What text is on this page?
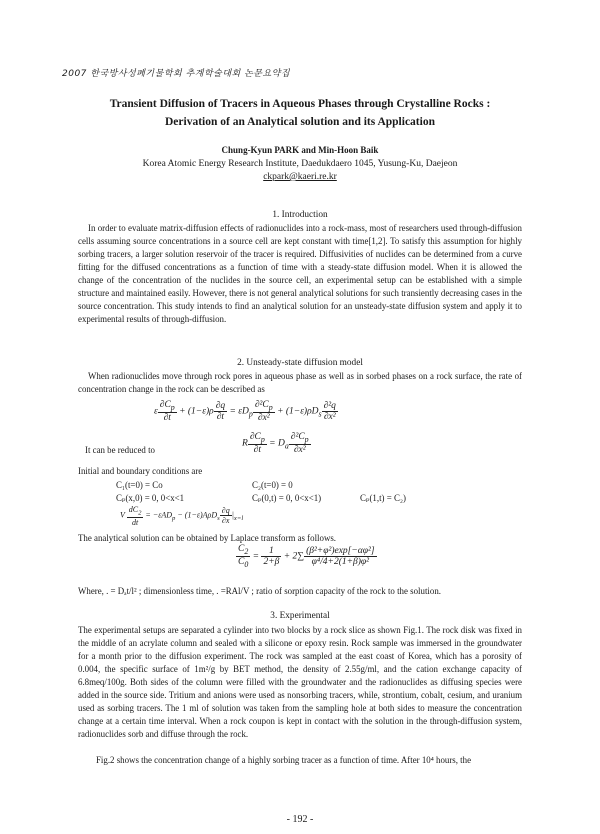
2007 한국방사성폐기물학회 추계학술대회 논문요약집
Transient Diffusion of Tracers in Aqueous Phases through Crystalline Rocks :
Derivation of an Analytical solution and its Application
Chung-Kyun PARK and Min-Hoon Baik
Korea Atomic Energy Research Institute, Daedukdaero 1045, Yusung-Ku, Daejeon
ckpark@kaeri.re.kr
1. Introduction
In order to evaluate matrix-diffusion effects of radionuclides into a rock-mass, most of researchers used through-diffusion cells assuming source concentrations in a source cell are kept constant with time[1,2]. To satisfy this assumption for highly sorbing tracers, a larger solution reservoir of the tracer is required. Diffusivities of nuclides can be determined from a curve fitting for the diffused concentrations as a function of time with a steady-state diffusion model. When it is allowed the change of the concentration of the nuclides in the source cell, an experimental setup can be established with a simple structure and maintained easily. However, there is not general analytical solutions for such transiently decreasing cases in the source concentration. This study intends to find an analytical solution for an unsteady-state diffusion system and apply it to experimental results of through-diffusion.
2. Unsteady-state diffusion model
When radionuclides move through rock pores in aqueous phase as well as in sorbed phases on a rock surface, the rate of concentration change in the rock can be described as
ε $\frac{\partial C_p}{\partial t} + (1-\varepsilon)\rho \frac{\partial q}{\partial t} = \varepsilon D_p \frac{\partial^2C_p}{\text{∂x²}} + (1-\varepsilon)\rho D_s \frac{\text{∂²q}}{\text{∂x²}}$
It can be reduced to
R $\frac{\partial C_p}{\partial t} = D_a \frac{\partial^2C_p}{\text{∂x²}}$
Initial and boundary conditions are
C₁(t=0) = Co	C₂(t=0) = 0
Cₚ(x,0) = 0, 0<x<1	Cₚ(0,t) = 0, 0<x<1)	Cₚ(1,t) = C₂)
V $\frac{dC_2}{dt} = -\varepsilon AD_p - (1-\varepsilon)A\rho D_s \frac{\partial q}{\partial x} |_{x=l}$
The analytical solution can be obtained by Laplace transform as follows.
$\frac{C_2}{C_0} = \frac{1}{2+\beta} + 2\sum \frac{\text{(β²+φ²)exp[−αφ²]}}{\text{φ⁴/4+2(1+β)φ²}}$
Where, . = Dₐt/l² ; dimensionless time, . =RAl/V ; ratio of sorption capacity of the rock to the solution.
3. Experimental
The experimental setups are separated a cylinder into two blocks by a rock slice as shown Fig.1. The rock disk was fixed in the middle of an acrylate column and sealed with a silicone or epoxy resin. Rock sample was immersed in the groundwater for a month prior to the diffusion experiment. The rock was sampled at the east coast of Korea, which has a porosity of 0.004, the specific surface of 1m²/g by BET method, the density of 2.55g/ml, and the cation exchange capacity of 6.8meq/100g. Both sides of the column were filled with the groundwater and the radionuclides as diffusing species were added in the source side. Tritium and anions were used as nonsorbing tracers, while, strontium, cobalt, cesium, and uranium used as sorbing tracers. The 1 ml of solution was taken from the sampling hole at both sides to measure the concentration change at a certain time interval. When a rock coupon is kept in contact with the solution in the through-diffusion system, radionuclides sorb and diffuse through the rock.
Fig.2 shows the concentration change of a highly sorbing tracer as a function of time. After 10⁴ hours, the
- 192 -
